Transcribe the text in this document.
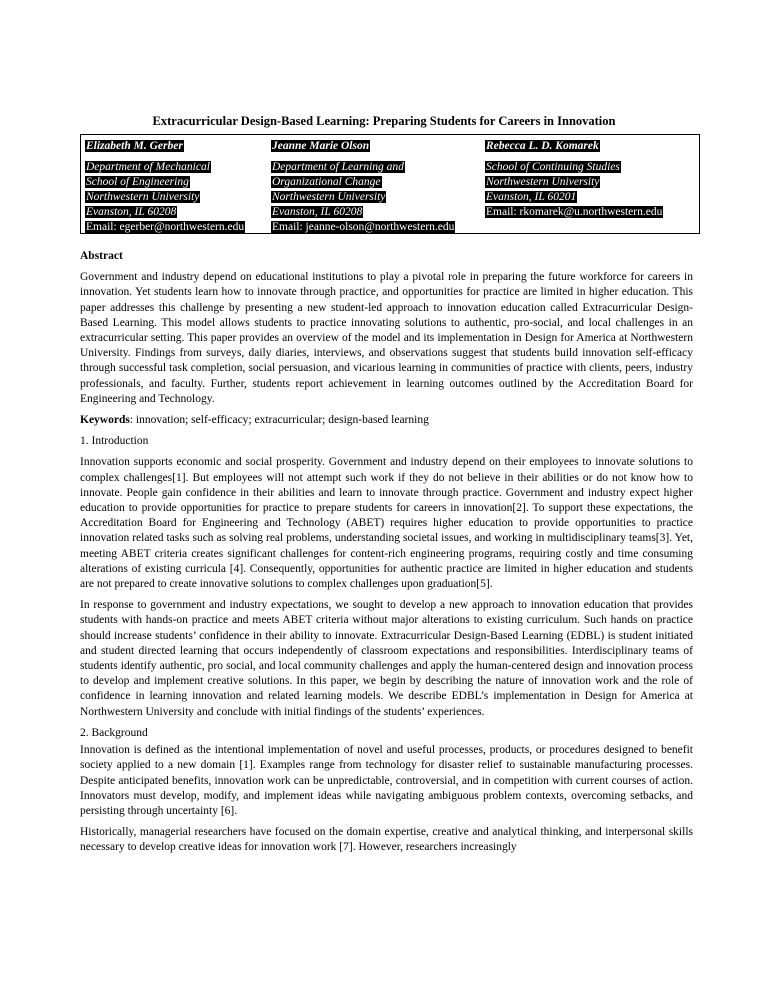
Extracurricular Design-Based Learning: Preparing Students for Careers in Innovation
Elizabeth M. Gerber
Department of Mechanical
School of Engineering
Northwestern University
Evanston, IL 60208
Email: egerber@northwestern.edu
Jeanne Marie Olson
Department of Learning and
Organizational Change
Northwestern University
Evanston, IL 60208
Email: jeanne-olson@northwestern.edu
Rebecca L. D. Komarek
School of Continuing Studies
Northwestern University
Evanston, IL 60201
Email: rkomarek@u.northwestern.edu

Abstract

Government and industry depend on educational institutions to play a pivotal role in preparing the future workforce for careers in innovation. Yet students learn how to innovate through practice, and opportunities for practice are limited in higher education. This paper addresses this challenge by presenting a new student-led approach to innovation education called Extracurricular Design-Based Learning. This model allows students to practice innovating solutions to authentic, pro-social, and local challenges in an extracurricular setting. This paper provides an overview of the model and its implementation in Design for America at Northwestern University. Findings from surveys, daily diaries, interviews, and observations suggest that students build innovation self-efficacy through successful task completion, social persuasion, and vicarious learning in communities of practice with clients, peers, industry professionals, and faculty. Further, students report achievement in learning outcomes outlined by the Accreditation Board for Engineering and Technology.

Keywords: innovation; self-efficacy; extracurricular; design-based learning

1. Introduction

Innovation supports economic and social prosperity. Government and industry depend on their employees to innovate solutions to complex challenges[1]. But employees will not attempt such work if they do not believe in their abilities or do not know how to innovate. People gain confidence in their abilities and learn to innovate through practice. Government and industry expect higher education to provide opportunities for practice to prepare students for careers in innovation[2]. To support these expectations, the Accreditation Board for Engineering and Technology (ABET) requires higher education to provide opportunities to practice innovation related tasks such as solving real problems, understanding societal issues, and working in multidisciplinary teams[3]. Yet, meeting ABET criteria creates significant challenges for content-rich engineering programs, requiring costly and time consuming alterations of existing curricula [4]. Consequently, opportunities for authentic practice are limited in higher education and students are not prepared to create innovative solutions to complex challenges upon graduation[5].

In response to government and industry expectations, we sought to develop a new approach to innovation education that provides students with hands-on practice and meets ABET criteria without major alterations to existing curriculum. Such hands on practice should increase students’ confidence in their ability to innovate. Extracurricular Design-Based Learning (EDBL) is student initiated and student directed learning that occurs independently of classroom expectations and responsibilities. Interdisciplinary teams of students identify authentic, pro social, and local community challenges and apply the human-centered design and innovation process to develop and implement creative solutions. In this paper, we begin by describing the nature of innovation work and the role of confidence in learning innovation and related learning models. We describe EDBL’s implementation in Design for America at Northwestern University and conclude with initial findings of the students’ experiences.

2. Background

Innovation is defined as the intentional implementation of novel and useful processes, products, or procedures designed to benefit society applied to a new domain [1]. Examples range from technology for disaster relief to sustainable manufacturing processes. Despite anticipated benefits, innovation work can be unpredictable, controversial, and in competition with current courses of action. Innovators must develop, modify, and implement ideas while navigating ambiguous problem contexts, overcoming setbacks, and persisting through uncertainty [6].

Historically, managerial researchers have focused on the domain expertise, creative and analytical thinking, and interpersonal skills necessary to develop creative ideas for innovation work [7]. However, researchers increasingly
